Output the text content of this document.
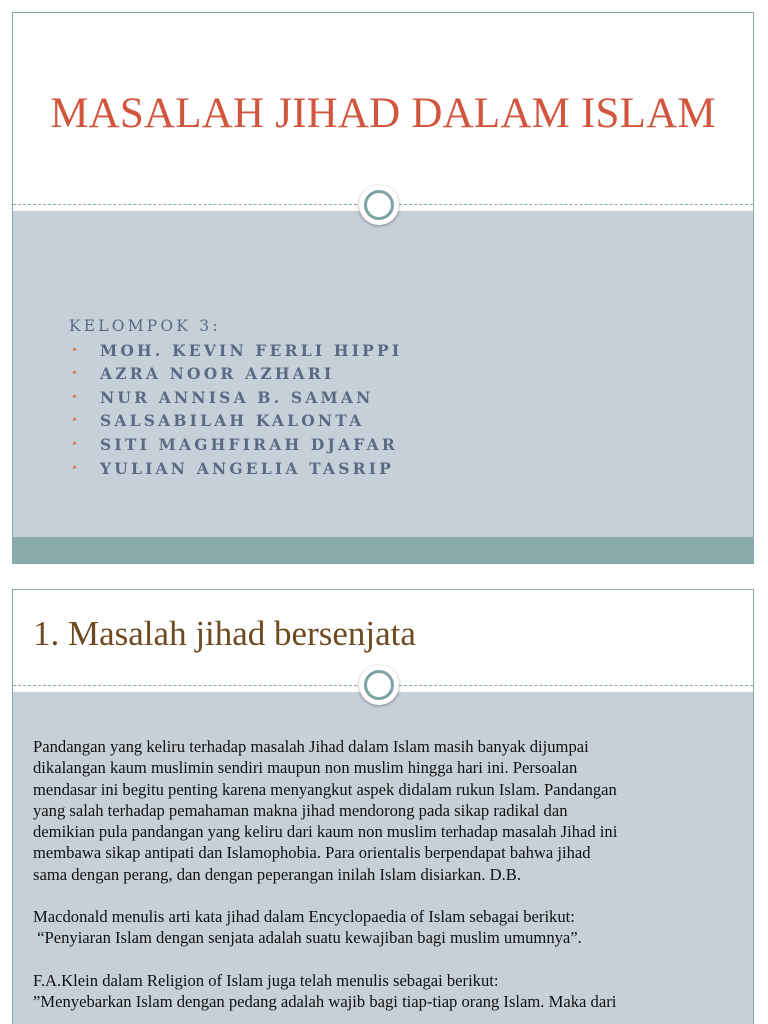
MASALAH JIHAD DALAM ISLAM
KELOMPOK 3:
• MOH. KEVIN FERLI HIPPI
• AZRA NOOR AZHARI
• NUR ANNISA B. SAMAN
• SALSABILAH KALONTA
• SITI MAGHFIRAH DJAFAR
• YULIAN ANGELIA TASRIP
1. Masalah jihad bersenjata

Pandangan yang keliru terhadap masalah Jihad dalam Islam masih banyak dijumpai
dikalangan kaum muslimin sendiri maupun non muslim hingga hari ini. Persoalan
mendasar ini begitu penting karena menyangkut aspek didalam rukun Islam. Pandangan
yang salah terhadap pemahaman makna jihad mendorong pada sikap radikal dan
demikian pula pandangan yang keliru dari kaum non muslim terhadap masalah Jihad ini
membawa sikap antipati dan Islamophobia. Para orientalis berpendapat bahwa jihad
sama dengan perang, dan dengan peperangan inilah Islam disiarkan. D.B.

Macdonald menulis arti kata jihad dalam Encyclopaedia of Islam sebagai berikut:
“Penyiaran Islam dengan senjata adalah suatu kewajiban bagi muslim umumnya”.

F.A.Klein dalam Religion of Islam juga telah menulis sebagai berikut:
”Menyebarkan Islam dengan pedang adalah wajib bagi tiap-tiap orang Islam. Maka dari
